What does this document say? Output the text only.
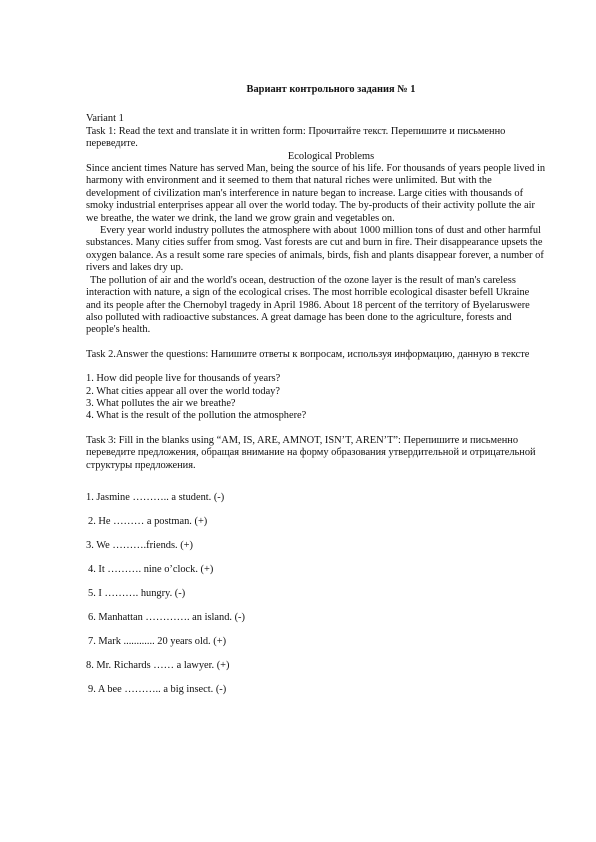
Вариант контрольного задания № 1

Variant 1

Task 1: Read the text and translate it in written form: Прочитайте текст. Перепишите и письменно переведите.

Ecological Problems

Since ancient times Nature has served Man, being the source of his life. For thousands of years people lived in harmony with environment and it seemed to them that natural riches were unlimited. But with the development of civilization man's interference in nature began to increase. Large cities with thousands of smoky industrial enterprises appear all over the world today. The by-products of their activity pollute the air we breathe, the water we drink, the land we grow grain and vegetables on.

Every year world industry pollutes the atmosphere with about 1000 million tons of dust and other harmful substances. Many cities suffer from smog. Vast forests are cut and burn in fire. Their disappearance upsets the oxygen balance. As a result some rare species of animals, birds, fish and plants disappear forever, a number of rivers and lakes dry up.

The pollution of air and the world's ocean, destruction of the ozone layer is the result of man's careless interaction with nature, a sign of the ecological crises. The most horrible ecological disaster befell Ukraine and its people after the Chernobyl tragedy in April 1986. About 18 percent of the territory of Byelaruswere also polluted with radioactive substances. A great damage has been done to the agriculture, forests and people's health.

Task 2.Answer the questions: Напишите ответы к вопросам, используя информацию, данную в тексте

1. How did people live for thousands of years?

2. What cities appear all over the world today?

3. What pollutes the air we breathe?

4. What is the result of the pollution the atmosphere?

Task 3: Fill in the blanks using “AM, IS, ARE, AMNOT, ISN’T, AREN’T”: Перепишите и письменно переведите предложения, обращая внимание на форму образования утвердительной и отрицательной структуры предложения.

1. Jasmine ……….. a student. (-)

2. He ……… a postman. (+)

3. We ……….friends. (+)

4. It ………. nine o’clock. (+)

5. I ………. hungry. (-)

6. Manhattan …………. an island. (-)

7. Mark ............ 20 years old. (+)

8. Mr. Richards …… a lawyer. (+)

9. A bee ……….. a big insect. (-)
